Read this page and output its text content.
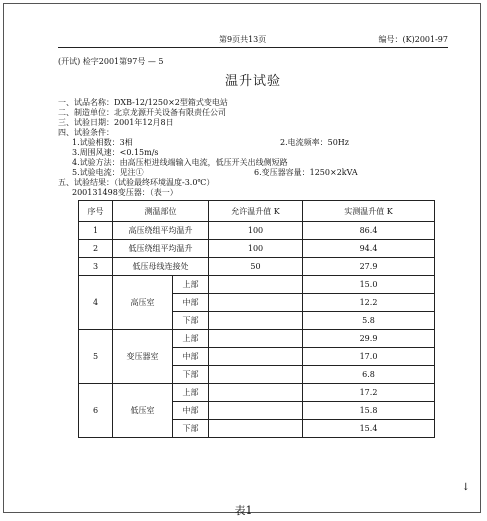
第9页共13页	编号：(K)2001-97
(开试) 检字2001第97号 — 5
温升试验
一、试品名称：DXB-12/1250×2型箱式变电站
二、制造单位：北京龙源开关设备有限责任公司
三、试验日期：2001年12月8日
四、试验条件：
1.试验相数：3相	2.电流频率：50Hz
3.周围风速：<0.15m/s
4.试验方法：由高压柜进线端输入电流，低压开关出线侧短路
5.试验电流：见注①	6.变压器容量：1250×2kVA
五、试验结果：（试验最终环境温度-3.0℃）
200131498变压器：（表一）
序号	测温部位		允许温升值 K	实测温升值 K
1	高压绕组平均温升		100	86.4
2	低压绕组平均温升		100	94.4
3	低压母线连接处		50	27.9
4	高压室	上部		15.0
		中部		12.2
		下部		5.8
5	变压器室	上部		29.9
		中部		17.0
		下部		6.8
6	低压室	上部		17.2
		中部		15.8
		下部		15.4
↓
表1
